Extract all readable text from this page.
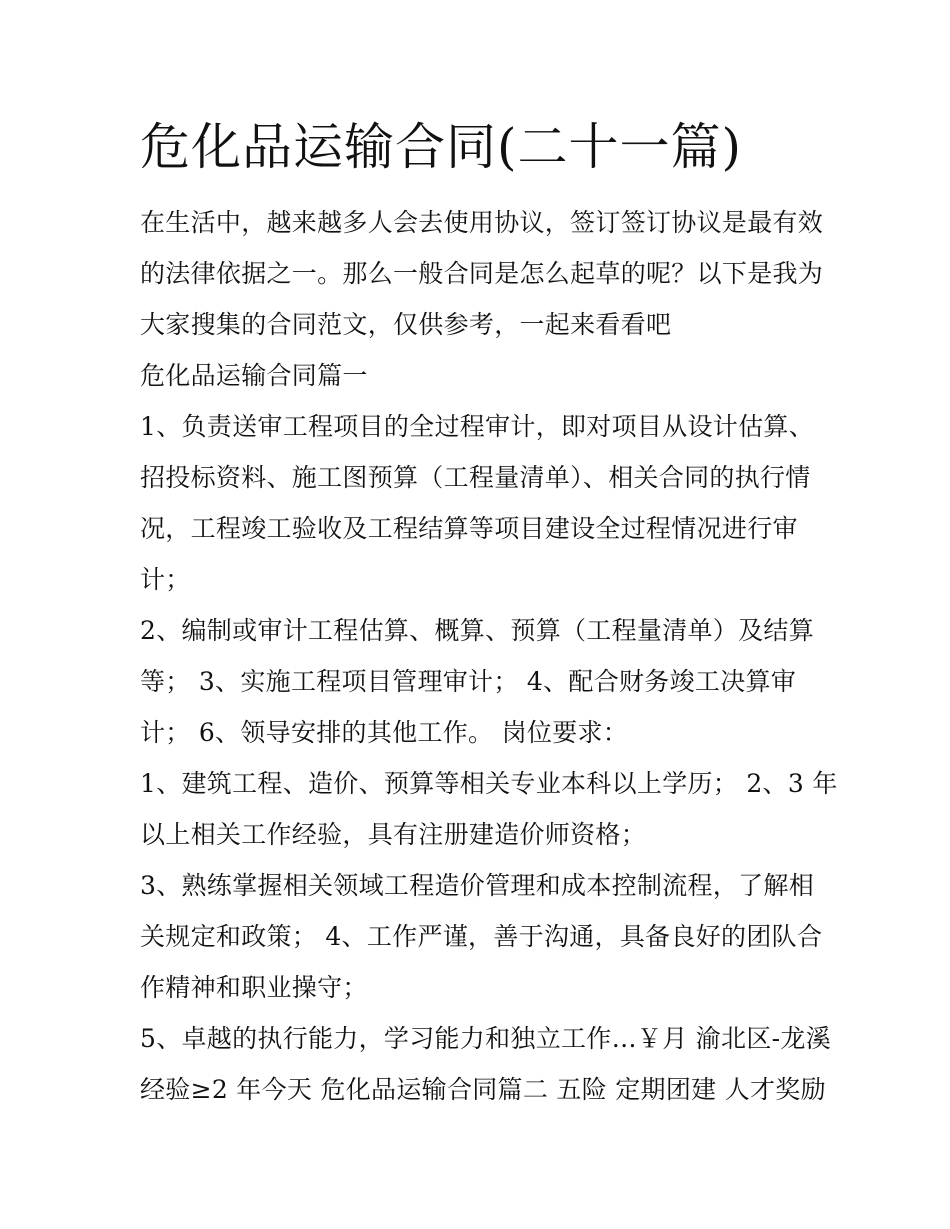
危化品运输合同(二十一篇)
在生活中，越来越多人会去使用协议，签订签订协议是最有效
的法律依据之一。那么一般合同是怎么起草的呢？以下是我为
大家搜集的合同范文，仅供参考，一起来看看吧
危化品运输合同篇一
1、负责送审工程项目的全过程审计，即对项目从设计估算、
招投标资料、施工图预算（工程量清单）、相关合同的执行情
况，工程竣工验收及工程结算等项目建设全过程情况进行审
计；
2、编制或审计工程估算、概算、预算（工程量清单）及结算
等； 3、实施工程项目管理审计； 4、配合财务竣工决算审
计； 6、领导安排的其他工作。 岗位要求：
1、建筑工程、造价、预算等相关专业本科以上学历； 2、3 年
以上相关工作经验，具有注册建造价师资格；
3、熟练掌握相关领域工程造价管理和成本控制流程，了解相
关规定和政策； 4、工作严谨，善于沟通，具备良好的团队合
作精神和职业操守；
5、卓越的执行能力，学习能力和独立工作…￥月 渝北区-龙溪
经验≥2 年今天 危化品运输合同篇二 五险 定期团建 人才奖励
